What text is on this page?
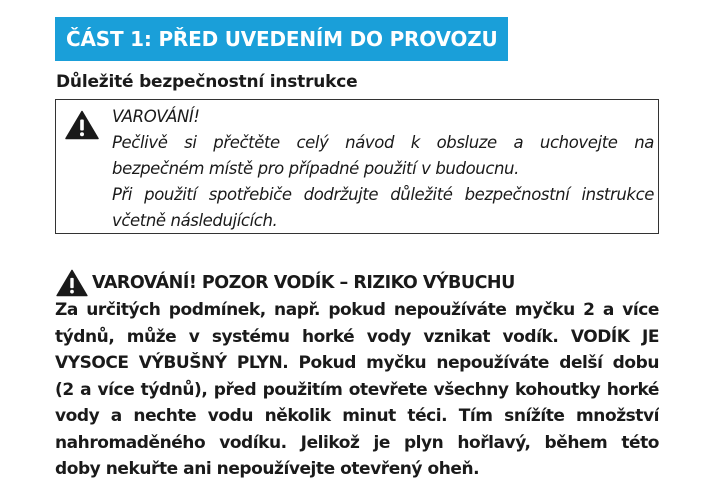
ČÁST 1: PŘED UVEDENÍM DO PROVOZU
Důležité bezpečnostní instrukce
VAROVÁNÍ!
Pečlivě si přečtěte celý návod k obsluze a uchovejte na
bezpečném místě pro případné použití v budoucnu.
Při použití spotřebiče dodržujte důležité bezpečnostní instrukce
včetně následujících.
VAROVÁNÍ! POZOR VODÍK – RIZIKO VÝBUCHU
Za určitých podmínek, např. pokud nepoužíváte myčku 2 a více
týdnů, může v systému horké vody vznikat vodík. VODÍK JE
VYSOCE VÝBUŠNÝ PLYN. Pokud myčku nepoužíváte delší dobu
(2 a více týdnů), před použitím otevřete všechny kohoutky horké
vody a nechte vodu několik minut téci. Tím snížíte množství
nahromaděného vodíku. Jelikož je plyn hořlavý, během této
doby nekuřte ani nepoužívejte otevřený oheň.
